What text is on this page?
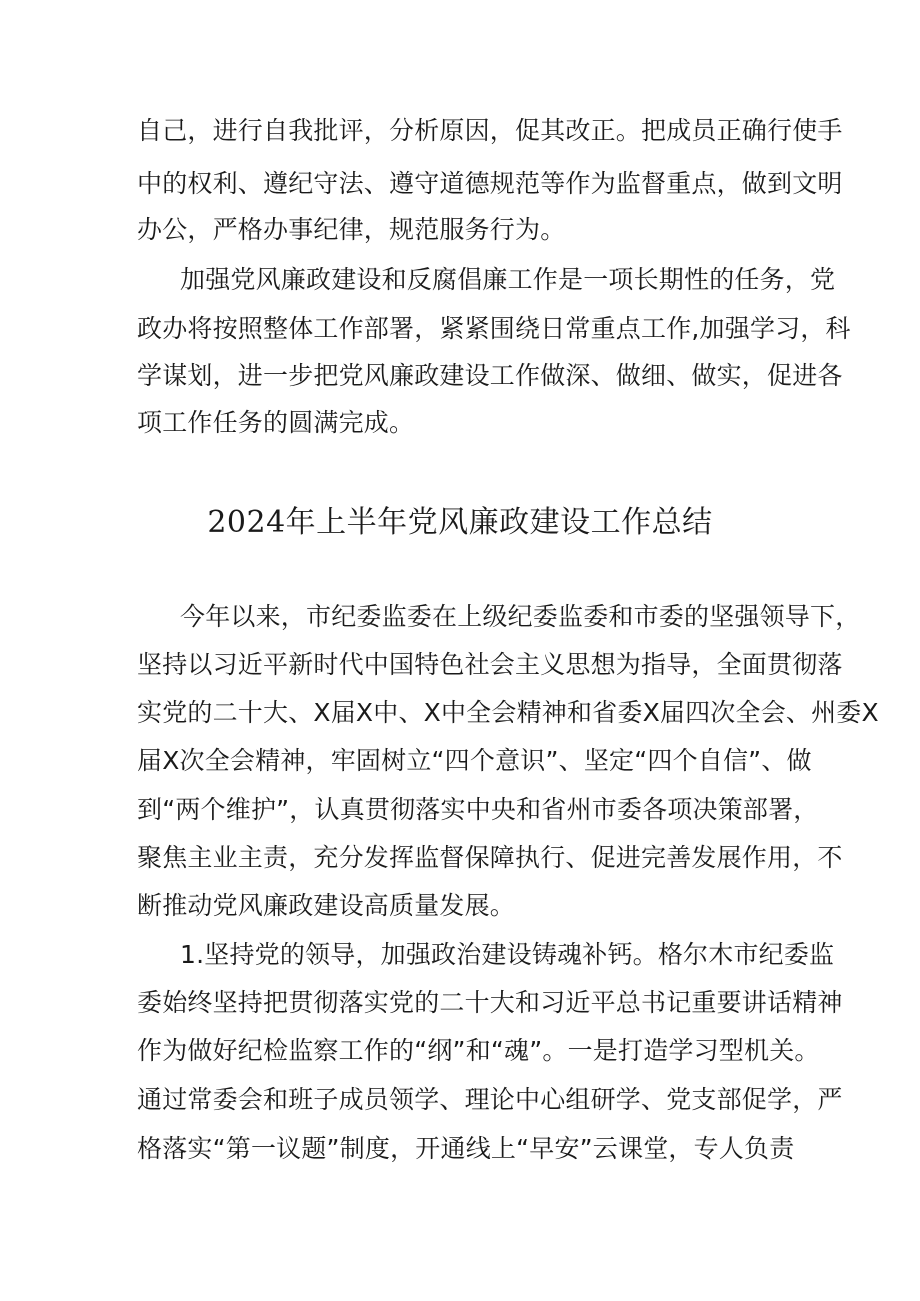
自己，进行自我批评，分析原因，促其改正。把成员正确行使手
中的权利、遵纪守法、遵守道德规范等作为监督重点，做到文明
办公，严格办事纪律，规范服务行为。
加强党风廉政建设和反腐倡廉工作是一项长期性的任务，党
政办将按照整体工作部署，紧紧围绕日常重点工作,加强学习，科
学谋划，进一步把党风廉政建设工作做深、做细、做实，促进各
项工作任务的圆满完成。
2024年上半年党风廉政建设工作总结
今年以来，市纪委监委在上级纪委监委和市委的坚强领导下，
坚持以习近平新时代中国特色社会主义思想为指导，全面贯彻落
实党的二十大、X届X中、X中全会精神和省委X届四次全会、州委X
届X次全会精神，牢固树立“四个意识”、坚定“四个自信”、做
到“两个维护”，认真贯彻落实中央和省州市委各项决策部署，
聚焦主业主责，充分发挥监督保障执行、促进完善发展作用，不
断推动党风廉政建设高质量发展。
1.坚持党的领导，加强政治建设铸魂补钙。格尔木市纪委监
委始终坚持把贯彻落实党的二十大和习近平总书记重要讲话精神
作为做好纪检监察工作的“纲”和“魂”。一是打造学习型机关。
通过常委会和班子成员领学、理论中心组研学、党支部促学，严
格落实“第一议题”制度，开通线上“早安”云课堂，专人负责
